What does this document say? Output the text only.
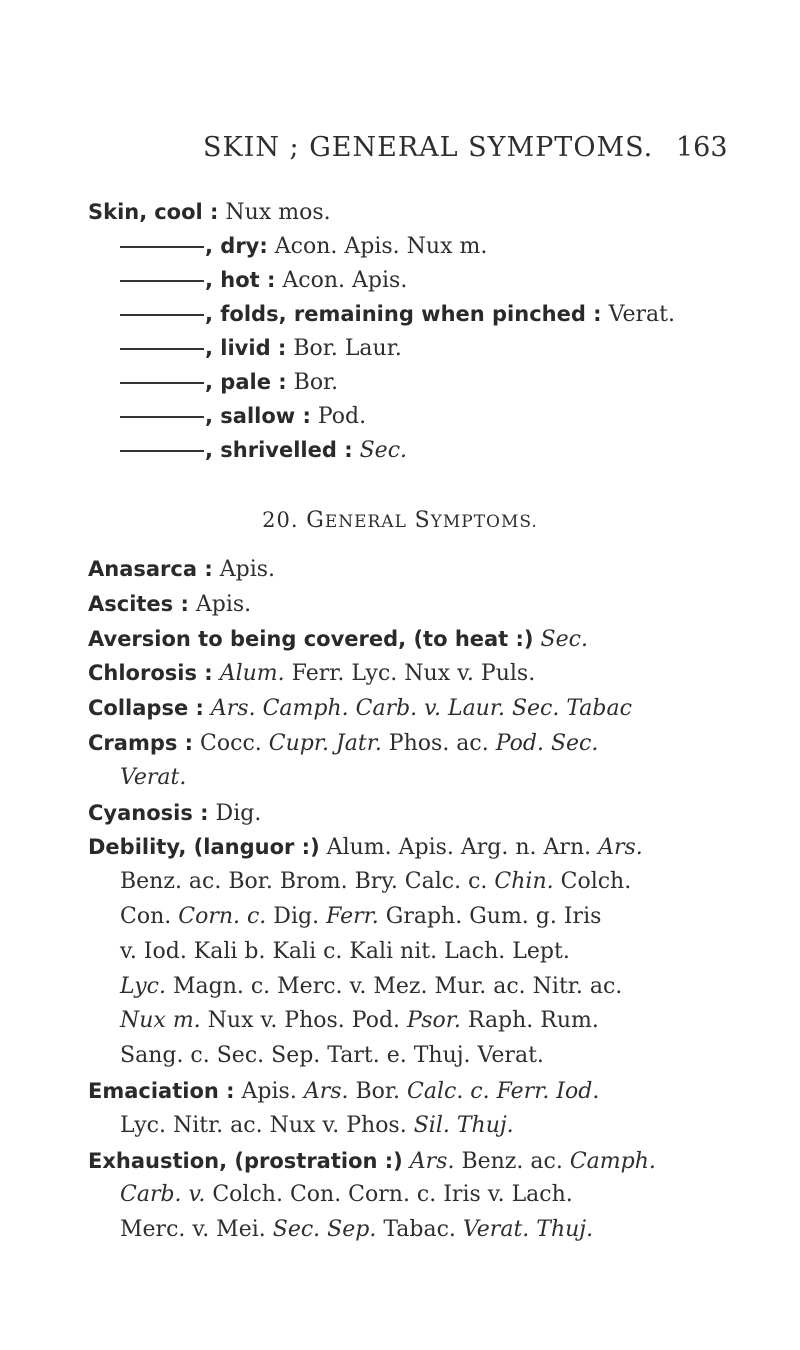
SKIN ; GENERAL SYMPTOMS. 163
Skin, cool : Nux mos.
, dry: Acon. Apis. Nux m.
, hot : Acon. Apis.
, folds, remaining when pinched : Verat.
, livid : Bor. Laur.
, pale : Bor.
, sallow : Pod.
, shrivelled : Sec.
20. GENERAL SYMPTOMS.
Anasarca : Apis.
Ascites : Apis.
Aversion to being covered, (to heat :) Sec.
Chlorosis : Alum. Ferr. Lyc. Nux v. Puls.
Collapse : Ars. Camph. Carb. v. Laur. Sec. Tabac
Cramps : Cocc. Cupr. Jatr. Phos. ac. Pod. Sec.
Verat.
Cyanosis : Dig.
Debility, (languor :) Alum. Apis. Arg. n. Arn. Ars.
Benz. ac. Bor. Brom. Bry. Calc. c. Chin. Colch.
Con. Corn. c. Dig. Ferr. Graph. Gum. g. Iris
v. Iod. Kali b. Kali c. Kali nit. Lach. Lept.
Lyc. Magn. c. Merc. v. Mez. Mur. ac. Nitr. ac.
Nux m. Nux v. Phos. Pod. Psor. Raph. Rum.
Sang. c. Sec. Sep. Tart. e. Thuj. Verat.
Emaciation : Apis. Ars. Bor. Calc. c. Ferr. Iod.
Lyc. Nitr. ac. Nux v. Phos. Sil. Thuj.
Exhaustion, (prostration :) Ars. Benz. ac. Camph.
Carb. v. Colch. Con. Corn. c. Iris v. Lach.
Merc. v. Mei. Sec. Sep. Tabac. Verat. Thuj.
